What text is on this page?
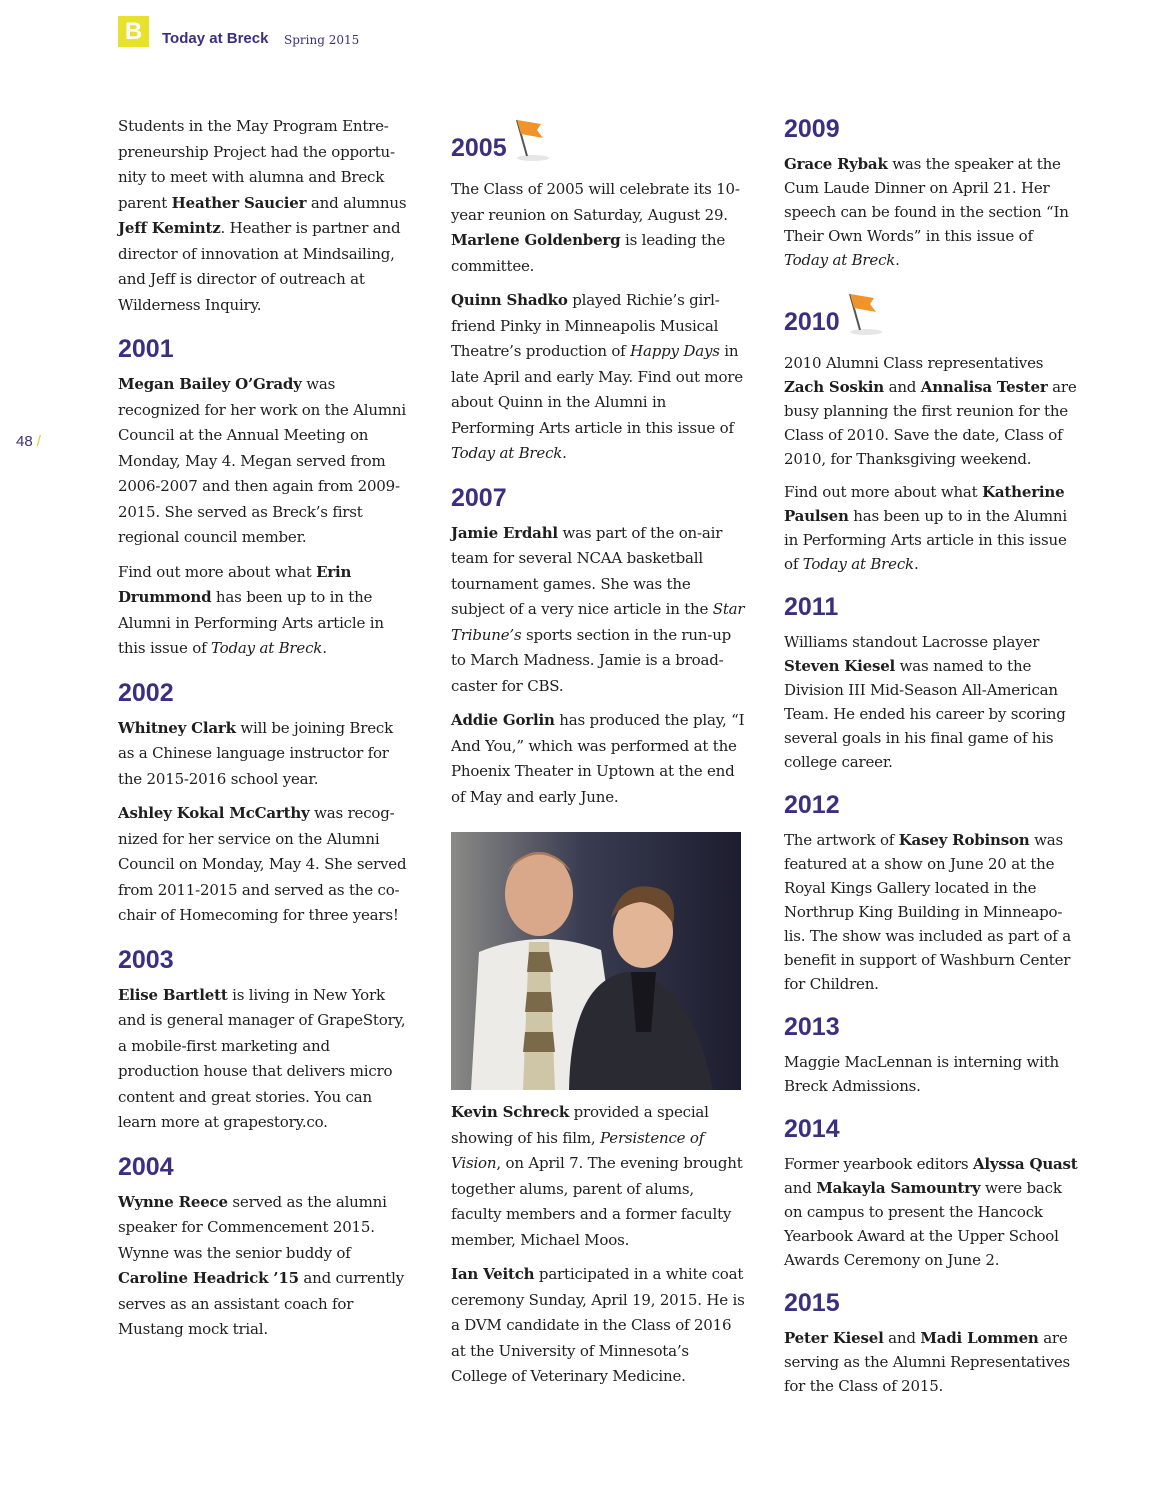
B	Today at Breck Spring 2015
48 /

Students in the May Program Entre-preneurship Project had the opportu-nity to meet with alumna and Breck parent Heather Saucier and alumnus Jeff Kemintz. Heather is partner and director of innovation at Mindsailing, and Jeff is director of outreach at Wilderness Inquiry.

2001

Megan Bailey O’Grady was recognized for her work on the Alumni Council at the Annual Meeting on Monday, May 4. Megan served from 2006-2007 and then again from 2009-2015. She served as Breck’s first regional council member.

Find out more about what Erin Drummond has been up to in the Alumni in Performing Arts article in this issue of Today at Breck.

2002

Whitney Clark will be joining Breck as a Chinese language instructor for the 2015-2016 school year.

Ashley Kokal McCarthy was recog-nized for her service on the Alumni Council on Monday, May 4. She served from 2011-2015 and served as the co-chair of Homecoming for three years!

2003

Elise Bartlett is living in New York and is general manager of GrapeStory, a mobile-first marketing and production house that delivers micro content and great stories. You can learn more at grapestory.co.

2004

Wynne Reece served as the alumni speaker for Commencement 2015. Wynne was the senior buddy of Caroline Headrick ’15 and currently serves as an assistant coach for Mustang mock trial.

2005

The Class of 2005 will celebrate its 10-year reunion on Saturday, August 29. Marlene Goldenberg is leading the committee.

Quinn Shadko played Richie’s girl-friend Pinky in Minneapolis Musical Theatre’s production of Happy Days in late April and early May. Find out more about Quinn in the Alumni in Performing Arts article in this issue of Today at Breck.

2007

Jamie Erdahl was part of the on-air team for several NCAA basketball tournament games. She was the subject of a very nice article in the Star Tribune’s sports section in the run-up to March Madness. Jamie is a broad-caster for CBS.

Addie Gorlin has produced the play, “I And You,” which was performed at the Phoenix Theater in Uptown at the end of May and early June.

Kevin Schreck provided a special showing of his film, Persistence of Vision, on April 7. The evening brought together alums, parent of alums, faculty members and a former faculty member, Michael Moos.

Ian Veitch participated in a white coat ceremony Sunday, April 19, 2015. He is a DVM candidate in the Class of 2016 at the University of Minnesota’s College of Veterinary Medicine.

2009

Grace Rybak was the speaker at the Cum Laude Dinner on April 21. Her speech can be found in the section “In Their Own Words” in this issue of Today at Breck.

2010

2010 Alumni Class representatives Zach Soskin and Annalisa Tester are busy planning the first reunion for the Class of 2010. Save the date, Class of 2010, for Thanksgiving weekend.

Find out more about what Katherine Paulsen has been up to in the Alumni in Performing Arts article in this issue of Today at Breck.

2011

Williams standout Lacrosse player Steven Kiesel was named to the Division III Mid-Season All-American Team. He ended his career by scoring several goals in his final game of his college career.

2012

The artwork of Kasey Robinson was featured at a show on June 20 at the Royal Kings Gallery located in the Northrup King Building in Minneapo-lis. The show was included as part of a benefit in support of Washburn Center for Children.

2013

Maggie MacLennan is interning with Breck Admissions.

2014

Former yearbook editors Alyssa Quast and Makayla Samountry were back on campus to present the Hancock Yearbook Award at the Upper School Awards Ceremony on June 2.

2015

Peter Kiesel and Madi Lommen are serving as the Alumni Representatives for the Class of 2015.
